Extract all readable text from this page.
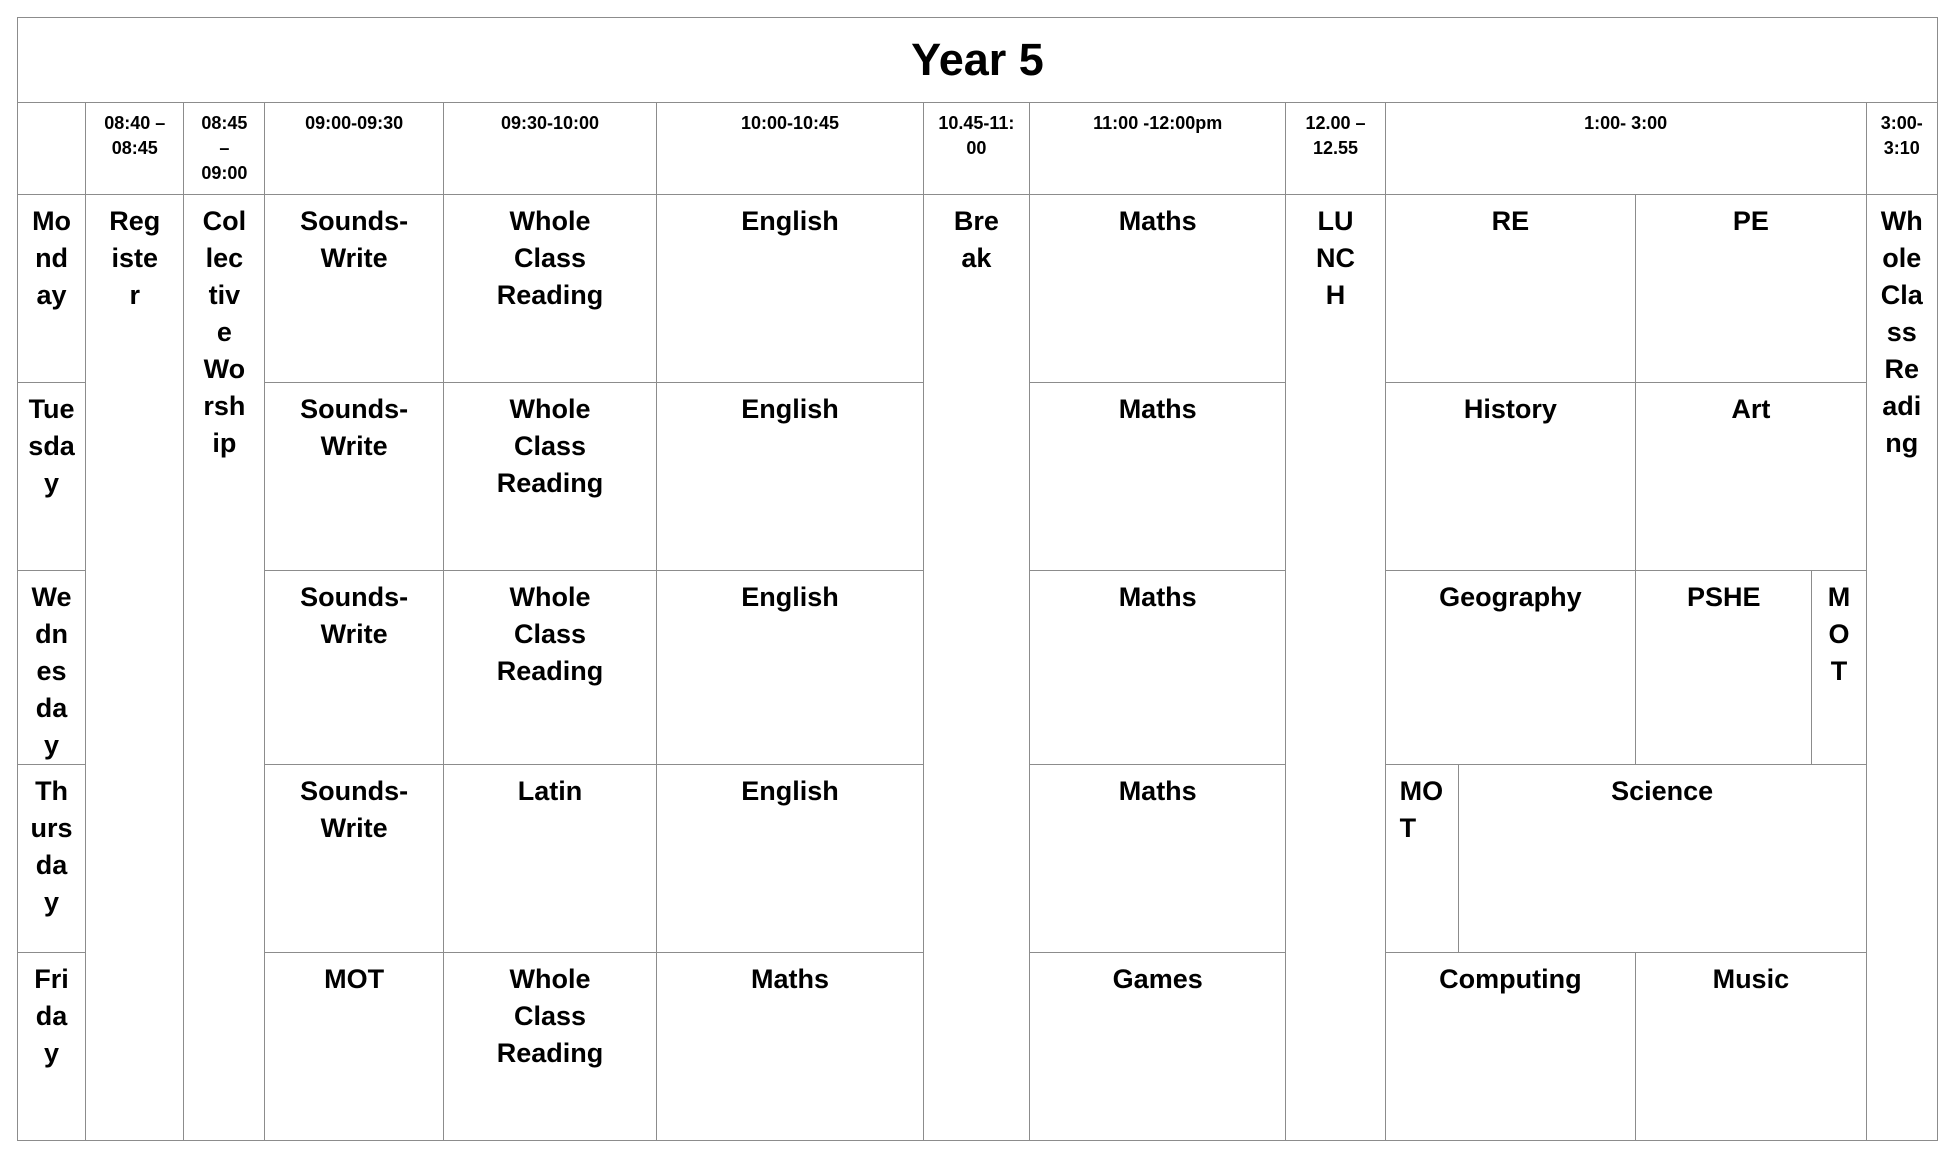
Year 5													
	08:40 – 08:45	08:45 – 09:00	09:00-09:30	09:30-10:00	10:00-10:45	10.45-11:00	11:00 -12:00pm	12.00 – 12.55	1:00- 3:00				3:00-3:10
Monday	Register	Collective Worship	Sounds-Write	Whole Class Reading	English	Break	Maths	LUNCH	RE		PE		Whole Class Reading
Tuesday			Sounds-Write	Whole Class Reading	English		Maths		History		Art		
Wednesday			Sounds-Write	Whole Class Reading	English		Maths		Geography		PSHE	MOT	
Thursday			Sounds-Write	Latin	English		Maths		MOT	Science			
Friday			MOT	Whole Class Reading	Maths		Games		Computing		Music		
